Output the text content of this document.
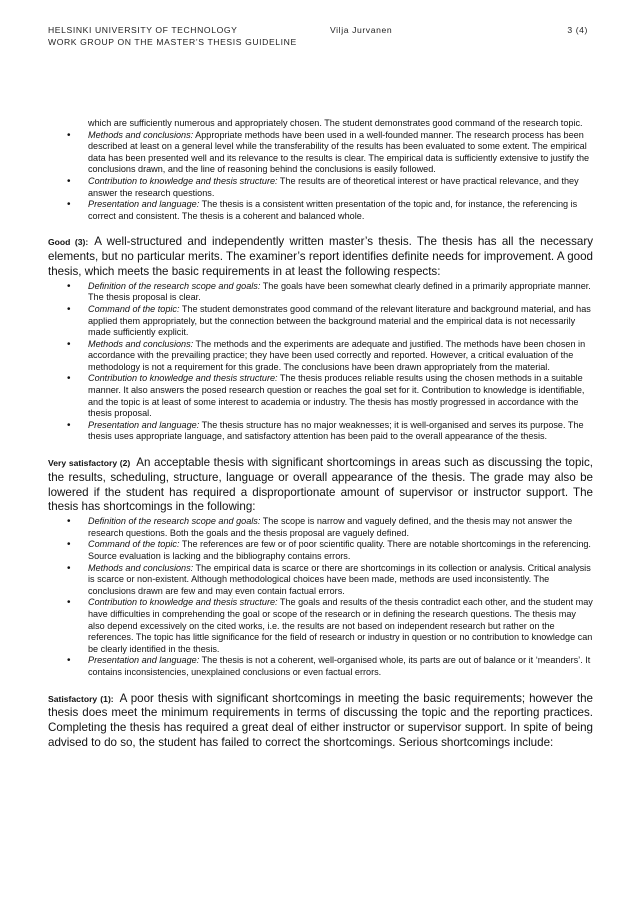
HELSINKI UNIVERSITY OF TECHNOLOGY	Vilja Jurvanen	3 (4)
WORK GROUP ON THE MASTER’S THESIS GUIDELINE
which are sufficiently numerous and appropriately chosen. The student demonstrates good command of the research topic.
• Methods and conclusions: Appropriate methods have been used in a well-founded manner. The research process has been described at least on a general level while the transferability of the results has been evaluated to some extent. The empirical data has been presented well and its relevance to the results is clear. The empirical data is sufficiently extensive to justify the conclusions drawn, and the line of reasoning behind the conclusions is easily followed.
• Contribution to knowledge and thesis structure: The results are of theoretical interest or have practical relevance, and they answer the research questions.
• Presentation and language: The thesis is a consistent written presentation of the topic and, for instance, the referencing is correct and consistent. The thesis is a coherent and balanced whole.
Good (3): A well-structured and independently written master’s thesis. The thesis has all the necessary elements, but no particular merits. The examiner’s report identifies definite needs for improvement. A good thesis, which meets the basic requirements in at least the following respects:
• Definition of the research scope and goals: The goals have been somewhat clearly defined in a primarily appropriate manner. The thesis proposal is clear.
• Command of the topic: The student demonstrates good command of the relevant literature and background material, and has applied them appropriately, but the connection between the background material and the empirical data is not necessarily made sufficiently explicit.
• Methods and conclusions: The methods and the experiments are adequate and justified. The methods have been chosen in accordance with the prevailing practice; they have been used correctly and reported. However, a critical evaluation of the methodology is not a requirement for this grade. The conclusions have been drawn appropriately from the material.
• Contribution to knowledge and thesis structure: The thesis produces reliable results using the chosen methods in a suitable manner. It also answers the posed research question or reaches the goal set for it. Contribution to knowledge is identifiable, and the topic is at least of some interest to academia or industry. The thesis has mostly progressed in accordance with the thesis proposal.
• Presentation and language: The thesis structure has no major weaknesses; it is well-organised and serves its purpose. The thesis uses appropriate language, and satisfactory attention has been paid to the overall appearance of the thesis.
Very satisfactory (2) An acceptable thesis with significant shortcomings in areas such as discussing the topic, the results, scheduling, structure, language or overall appearance of the thesis. The grade may also be lowered if the student has required a disproportionate amount of supervisor or instructor support. The thesis has shortcomings in the following:
• Definition of the research scope and goals: The scope is narrow and vaguely defined, and the thesis may not answer the research questions. Both the goals and the thesis proposal are vaguely defined.
• Command of the topic: The references are few or of poor scientific quality. There are notable shortcomings in the referencing. Source evaluation is lacking and the bibliography contains errors.
• Methods and conclusions: The empirical data is scarce or there are shortcomings in its collection or analysis. Critical analysis is scarce or non-existent. Although methodological choices have been made, methods are used inconsistently. The conclusions drawn are few and may even contain factual errors.
• Contribution to knowledge and thesis structure: The goals and results of the thesis contradict each other, and the student may have difficulties in comprehending the goal or scope of the research or in defining the research questions. The thesis may also depend excessively on the cited works, i.e. the results are not based on independent research but rather on the references. The topic has little significance for the field of research or industry in question or no contribution to knowledge can be clearly identified in the thesis.
• Presentation and language: The thesis is not a coherent, well-organised whole, its parts are out of balance or it ‘meanders’. It contains inconsistencies, unexplained conclusions or even factual errors.
Satisfactory (1): A poor thesis with significant shortcomings in meeting the basic requirements; however the thesis does meet the minimum requirements in terms of discussing the topic and the reporting practices. Completing the thesis has required a great deal of either instructor or supervisor support. In spite of being advised to do so, the student has failed to correct the shortcomings. Serious shortcomings include:
